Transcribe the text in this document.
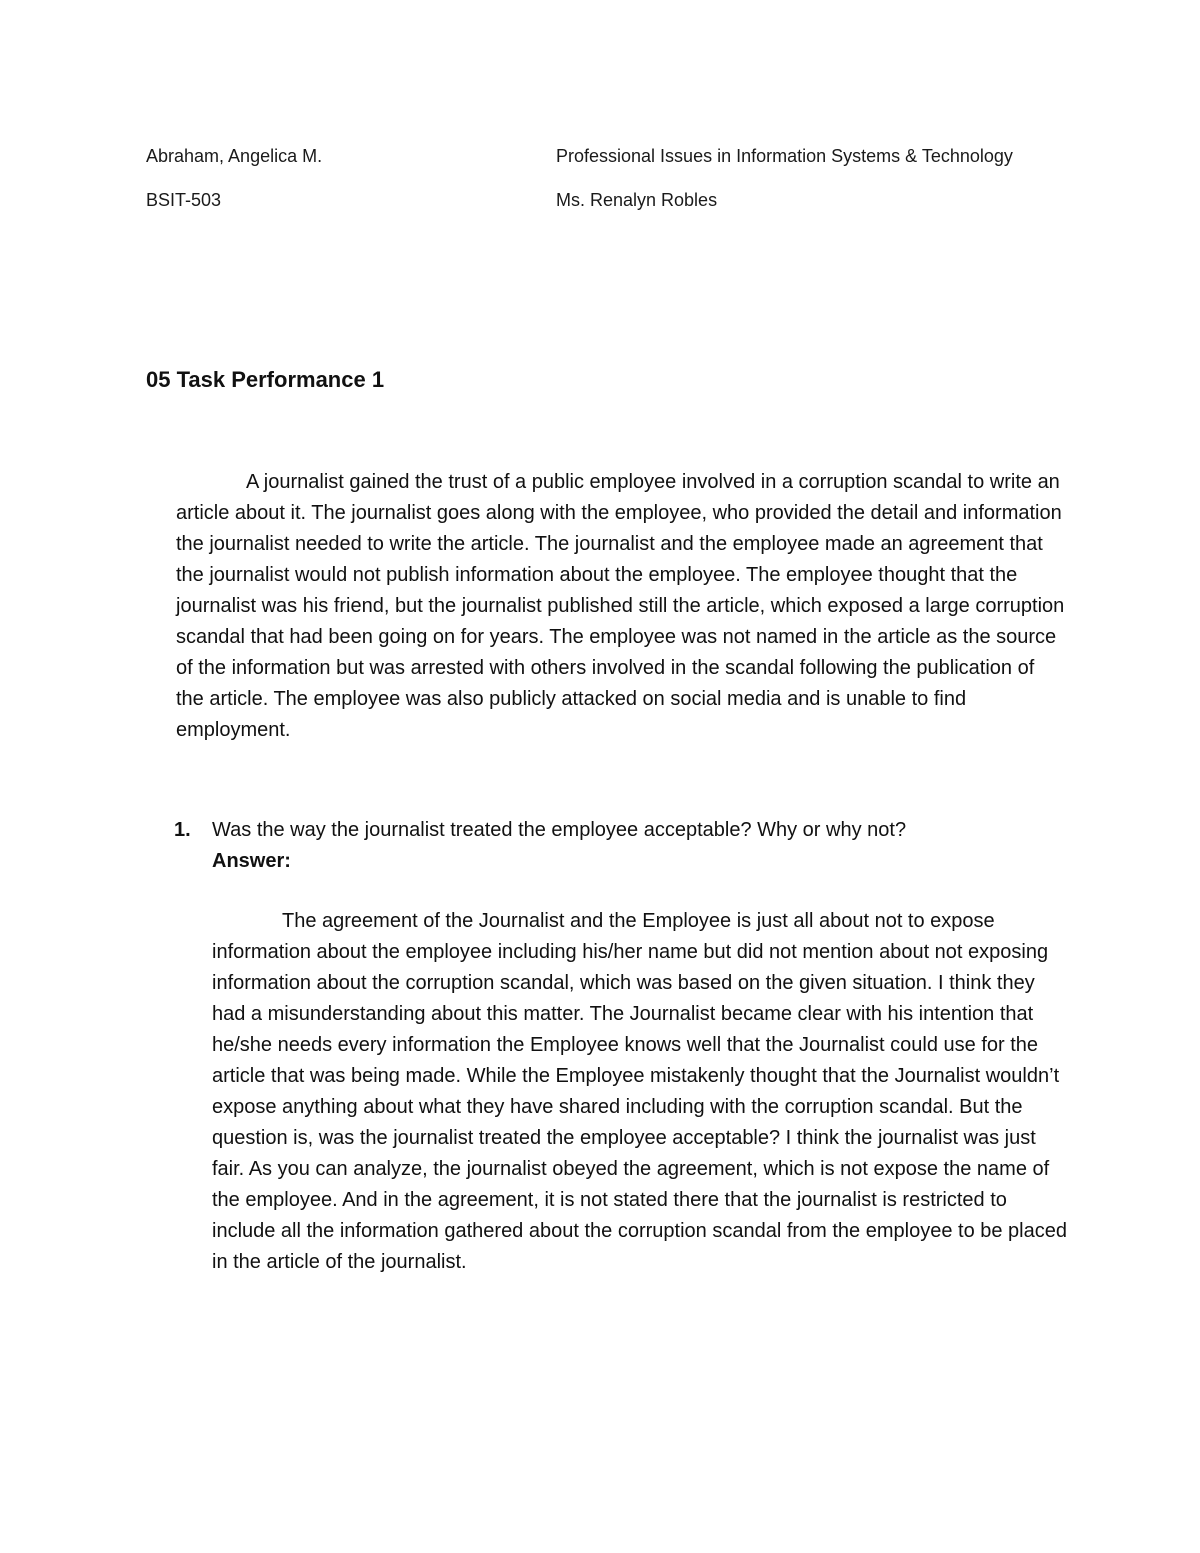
Abraham, Angelica M.	Professional Issues in Information Systems & Technology
BSIT-503	Ms. Renalyn Robles
05 Task Performance 1

A journalist gained the trust of a public employee involved in a corruption scandal to write an article about it. The journalist goes along with the employee, who provided the detail and information the journalist needed to write the article. The journalist and the employee made an agreement that the journalist would not publish information about the employee. The employee thought that the journalist was his friend, but the journalist published still the article, which exposed a large corruption scandal that had been going on for years. The employee was not named in the article as the source of the information but was arrested with others involved in the scandal following the publication of the article. The employee was also publicly attacked on social media and is unable to find employment.

1. Was the way the journalist treated the employee acceptable? Why or why not?
Answer:

The agreement of the Journalist and the Employee is just all about not to expose information about the employee including his/her name but did not mention about not exposing information about the corruption scandal, which was based on the given situation. I think they had a misunderstanding about this matter. The Journalist became clear with his intention that he/she needs every information the Employee knows well that the Journalist could use for the article that was being made. While the Employee mistakenly thought that the Journalist wouldn’t expose anything about what they have shared including with the corruption scandal. But the question is, was the journalist treated the employee acceptable? I think the journalist was just fair. As you can analyze, the journalist obeyed the agreement, which is not expose the name of the employee. And in the agreement, it is not stated there that the journalist is restricted to include all the information gathered about the corruption scandal from the employee to be placed in the article of the journalist.
